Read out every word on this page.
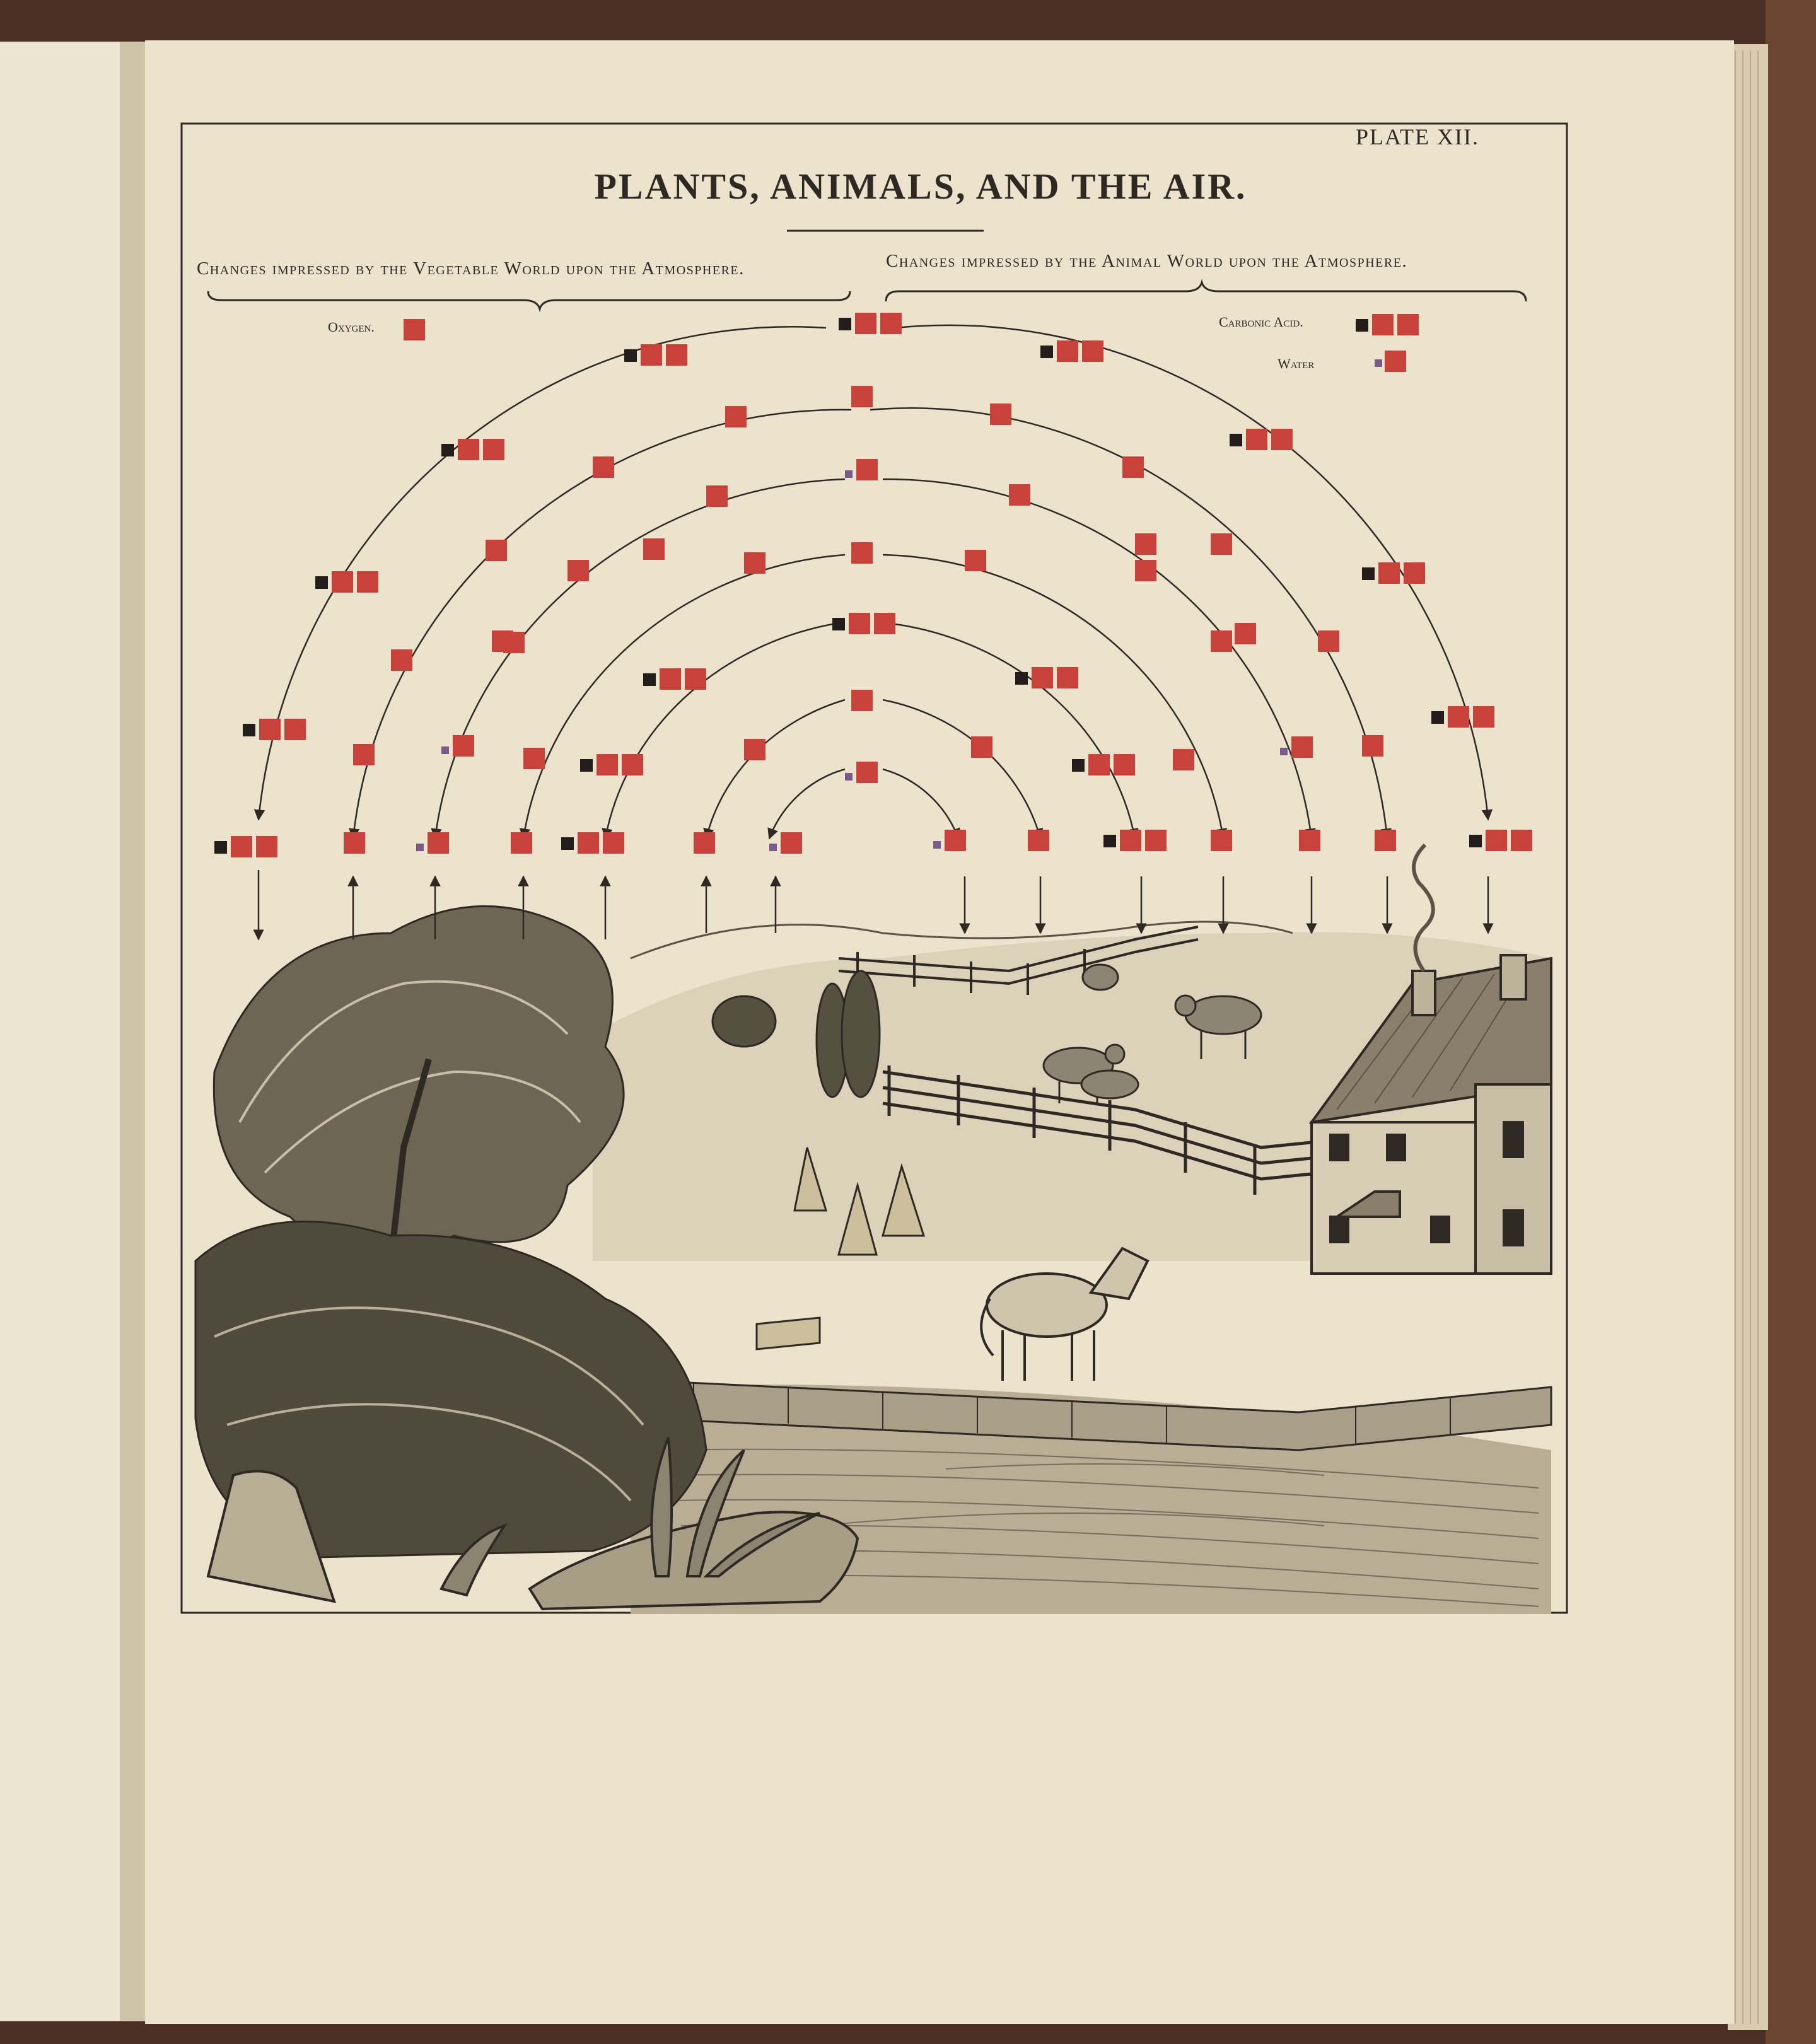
PLATE XII.
PLANTS, ANIMALS, AND THE AIR.
Changes impressed by the Vegetable World upon the Atmosphere.	Changes impressed by the Animal World upon the Atmosphere.
Oxygen.	Carbonic Acid.
Water
